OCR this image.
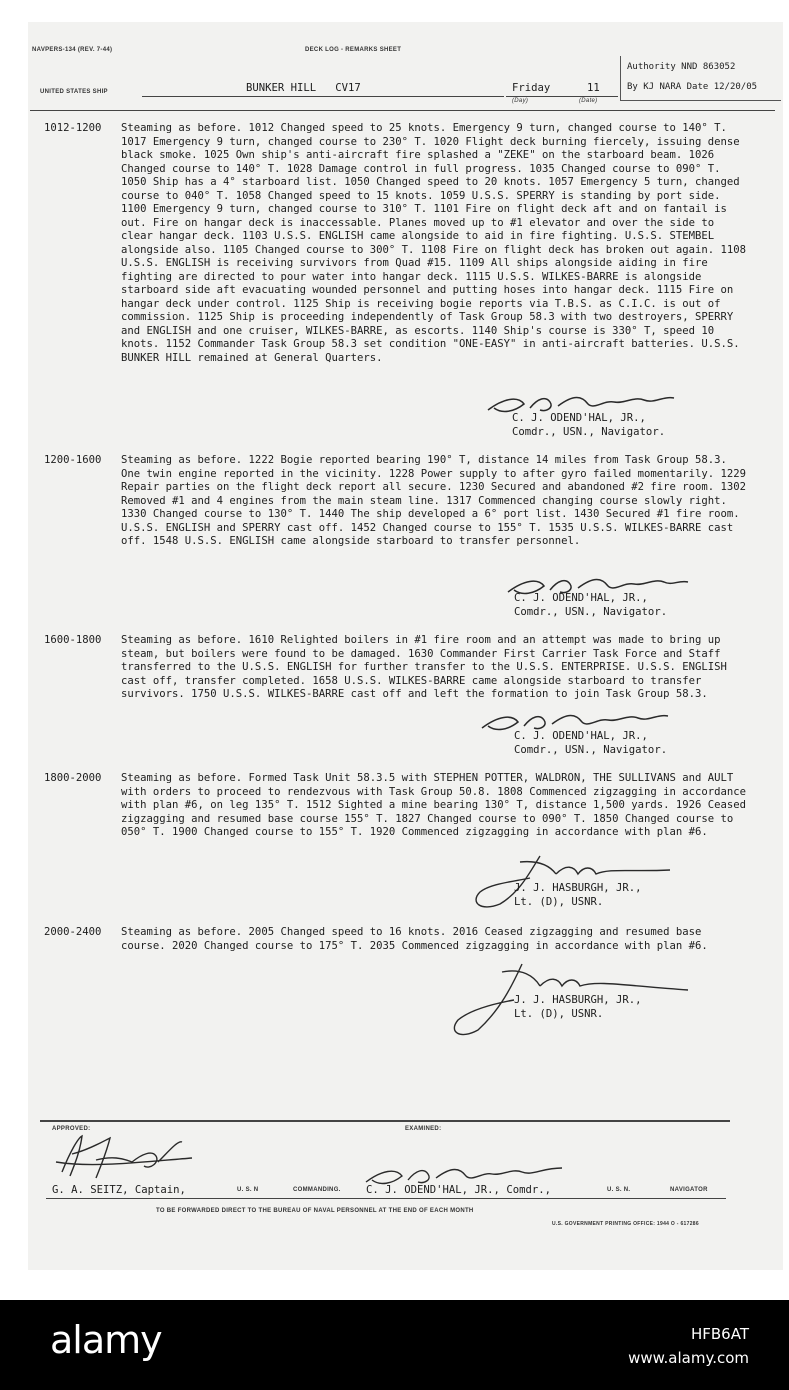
NAVPERS-134 (REV. 7-44)	DECK LOG - REMARKS SHEET
UNITED STATES SHIP	BUNKER HILL   CV17	Friday
(Day)
11
(Date)
Authority NND 863052
By KJ NARA Date 12/20/05
1012-1200 Steaming as before. 1012 Changed speed to 25 knots. Emergency 9 turn, changed course to 140° T. 1017 Emergency 9 turn, changed course to 230° T. 1020 Flight deck burning fiercely, issuing dense black smoke. 1025 Own ship's anti-aircraft fire splashed a "ZEKE" on the starboard beam. 1026 Changed course to 140° T. 1028 Damage control in full progress. 1035 Changed course to 090° T. 1050 Ship has a 4° starboard list. 1050 Changed speed to 20 knots. 1057 Emergency 5 turn, changed course to 040° T. 1058 Changed speed to 15 knots. 1059 U.S.S. SPERRY is standing by port side. 1100 Emergency 9 turn, changed course to 310° T. 1101 Fire on flight deck aft and on fantail is out. Fire on hangar deck is inaccessable. Planes moved up to #1 elevator and over the side to clear hangar deck. 1103 U.S.S. ENGLISH came alongside to aid in fire fighting. U.S.S. STEMBEL alongside also. 1105 Changed course to 300° T. 1108 Fire on flight deck has broken out again. 1108 U.S.S. ENGLISH is receiving survivors from Quad #15. 1109 All ships alongside aiding in fire fighting are directed to pour water into hangar deck. 1115 U.S.S. WILKES-BARRE is alongside starboard side aft evacuating wounded personnel and putting hoses into hangar deck. 1115 Fire on hangar deck under control. 1125 Ship is receiving bogie reports via T.B.S. as C.I.C. is out of commission. 1125 Ship is proceeding independently of Task Group 58.3 with two destroyers, SPERRY and ENGLISH and one cruiser, WILKES-BARRE, as escorts. 1140 Ship's course is 330° T, speed 10 knots. 1152 Commander Task Group 58.3 set condition "ONE-EASY" in anti-aircraft batteries. U.S.S. BUNKER HILL remained at General Quarters.
C. J. ODEND'HAL, JR.,
Comdr., USN., Navigator.
1200-1600 Steaming as before. 1222 Bogie reported bearing 190° T, distance 14 miles from Task Group 58.3. One twin engine reported in the vicinity. 1228 Power supply to after gyro failed momentarily. 1229 Repair parties on the flight deck report all secure. 1230 Secured and abandoned #2 fire room. 1302 Removed #1 and 4 engines from the main steam line. 1317 Commenced changing course slowly right. 1330 Changed course to 130° T. 1440 The ship developed a 6° port list. 1430 Secured #1 fire room. U.S.S. ENGLISH and SPERRY cast off. 1452 Changed course to 155° T. 1535 U.S.S. WILKES-BARRE cast off. 1548 U.S.S. ENGLISH came alongside starboard to transfer personnel.
C. J. ODEND'HAL, JR.,
Comdr., USN., Navigator.
1600-1800 Steaming as before. 1610 Relighted boilers in #1 fire room and an attempt was made to bring up steam, but boilers were found to be damaged. 1630 Commander First Carrier Task Force and Staff transferred to the U.S.S. ENGLISH for further transfer to the U.S.S. ENTERPRISE. U.S.S. ENGLISH cast off, transfer completed. 1658 U.S.S. WILKES-BARRE came alongside starboard to transfer survivors. 1750 U.S.S. WILKES-BARRE cast off and left the formation to join Task Group 58.3.
C. J. ODEND'HAL, JR.,
Comdr., USN., Navigator.
1800-2000 Steaming as before. Formed Task Unit 58.3.5 with STEPHEN POTTER, WALDRON, THE SULLIVANS and AULT with orders to proceed to rendezvous with Task Group 50.8. 1808 Commenced zigzagging in accordance with plan #6, on leg 135° T. 1512 Sighted a mine bearing 130° T, distance 1,500 yards. 1926 Ceased zigzagging and resumed base course 155° T. 1827 Changed course to 090° T. 1850 Changed course to 050° T. 1900 Changed course to 155° T. 1920 Commenced zigzagging in accordance with plan #6.
J. J. HASBURGH, JR.,
Lt. (D), USNR.
2000-2400 Steaming as before. 2005 Changed speed to 16 knots. 2016 Ceased zigzagging and resumed base course. 2020 Changed course to 175° T. 2035 Commenced zigzagging in accordance with plan #6.
J. J. HASBURGH, JR.,
Lt. (D), USNR.
APPROVED:	EXAMINED:
G. A. SEITZ, Captain,	U. S. N	COMMANDING. C. J. ODEND'HAL, JR., Comdr.,	U. S. N.	NAVIGATOR
TO BE FORWARDED DIRECT TO THE BUREAU OF NAVAL PERSONNEL AT THE END OF EACH MONTH
U.S. GOVERNMENT PRINTING OFFICE: 1944 O - 617286
alamy	HFB6AT
www.alamy.com
